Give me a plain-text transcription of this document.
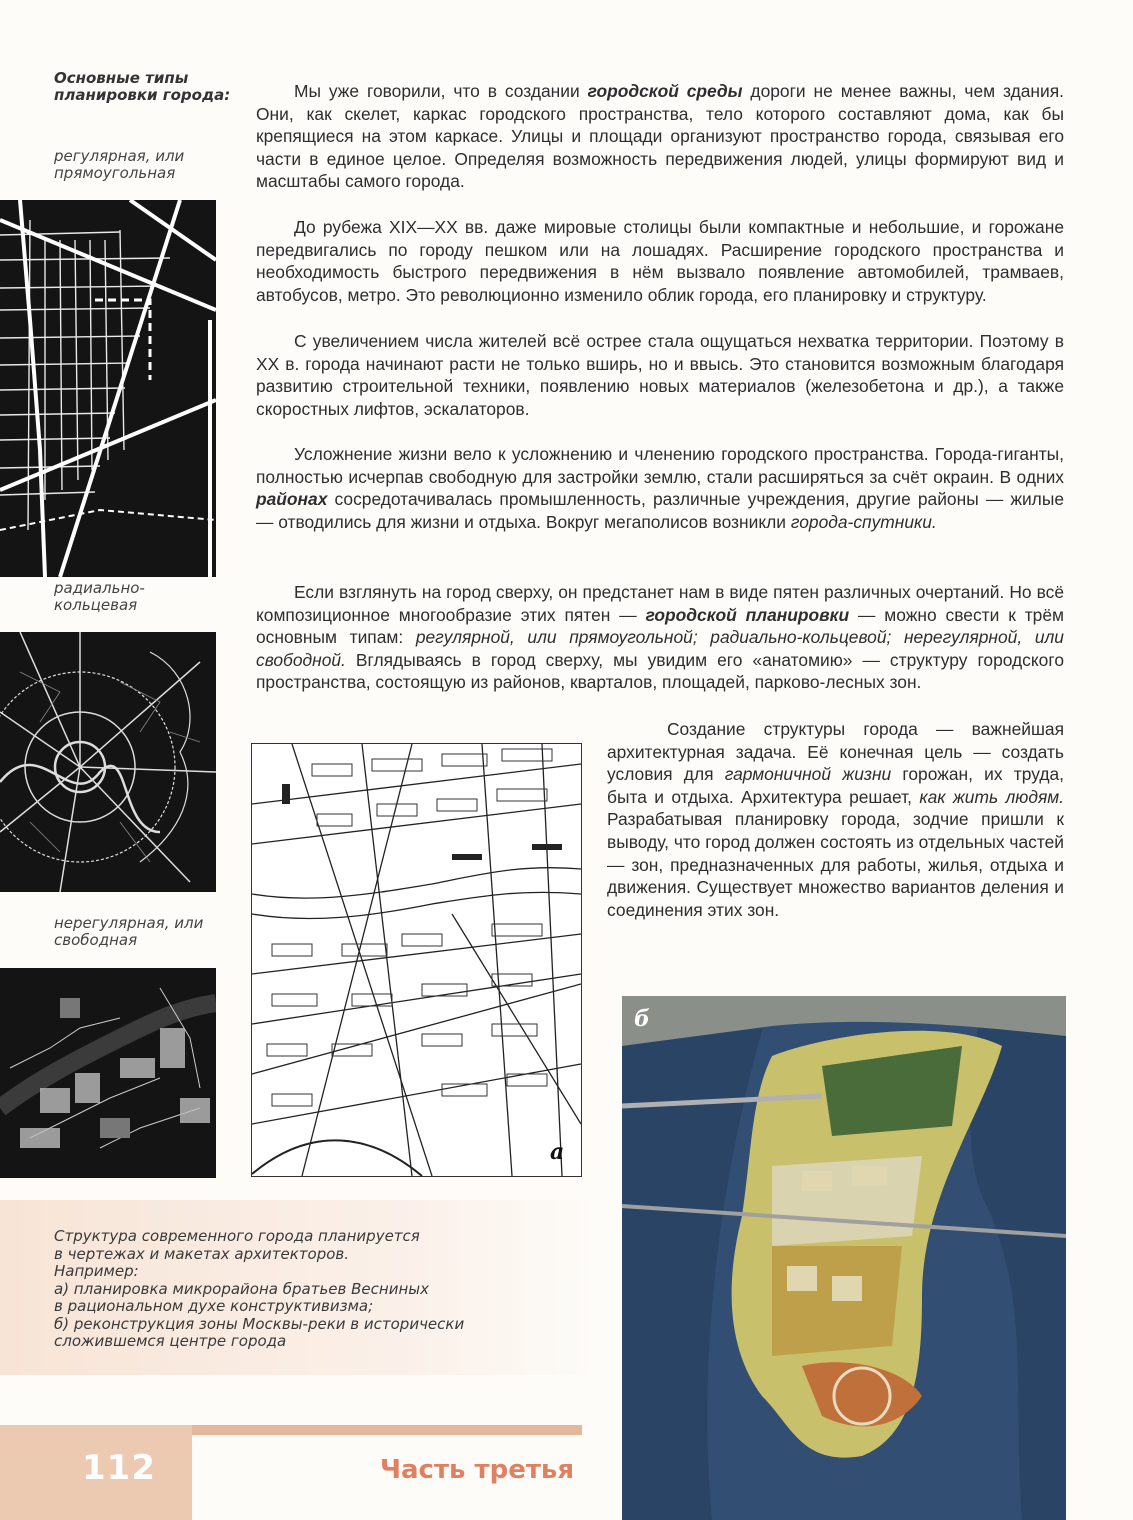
Основные типы планировки города:
регулярная, или прямоугольная
радиально-кольцевая
нерегулярная, или свободная

Мы уже говорили, что в создании городской среды дороги не менее важны, чем здания. Они, как скелет, каркас городского пространства, тело которого составляют дома, как бы крепящиеся на этом каркасе. Улицы и площади организуют пространство города, связывая его части в единое целое. Определяя возможность передвижения людей, улицы формируют вид и масштабы самого города.

До рубежа XIX—XX вв. даже мировые столицы были компактные и небольшие, и горожане передвигались по городу пешком или на лошадях. Расширение городского пространства и необходимость быстрого передвижения в нём вызвало появление автомобилей, трамваев, автобусов, метро. Это революционно изменило облик города, его планировку и структуру.

С увеличением числа жителей всё острее стала ощущаться нехватка территории. Поэтому в XX в. города начинают расти не только вширь, но и ввысь. Это становится возможным благодаря развитию строительной техники, появлению новых материалов (железобетона и др.), а также скоростных лифтов, эскалаторов.

Усложнение жизни вело к усложнению и членению городского пространства. Города-гиганты, полностью исчерпав свободную для застройки землю, стали расширяться за счёт окраин. В одних районах сосредотачивалась промышленность, различные учреждения, другие районы — жилые — отводились для жизни и отдыха. Вокруг мегаполисов возникли города-спутники.

Если взглянуть на город сверху, он предстанет нам в виде пятен различных очертаний. Но всё композиционное многообразие этих пятен — городской планировки — можно свести к трём основным типам: регулярной, или прямоугольной; радиально-кольцевой; нерегулярной, или свободной. Вглядываясь в город сверху, мы увидим его «анатомию» — структуру городского пространства, состоящую из районов, кварталов, площадей, парково-лесных зон.

Создание структуры города — важнейшая архитектурная задача. Её конечная цель — создать условия для гармоничной жизни горожан, их труда, быта и отдыха. Архитектура решает, как жить людям. Разрабатывая планировку города, зодчие пришли к выводу, что город должен состоять из отдельных частей — зон, предназначенных для работы, жилья, отдыха и движения. Существует множество вариантов деления и соединения этих зон.

а
б
Структура современного города планируется
в чертежах и макетах архитекторов.
Например:
а) планировка микрорайона братьев Весниных
в рациональном духе конструктивизма;
б) реконструкция зоны Москвы-реки в исторически
сложившемся центре города
112	Часть третья
